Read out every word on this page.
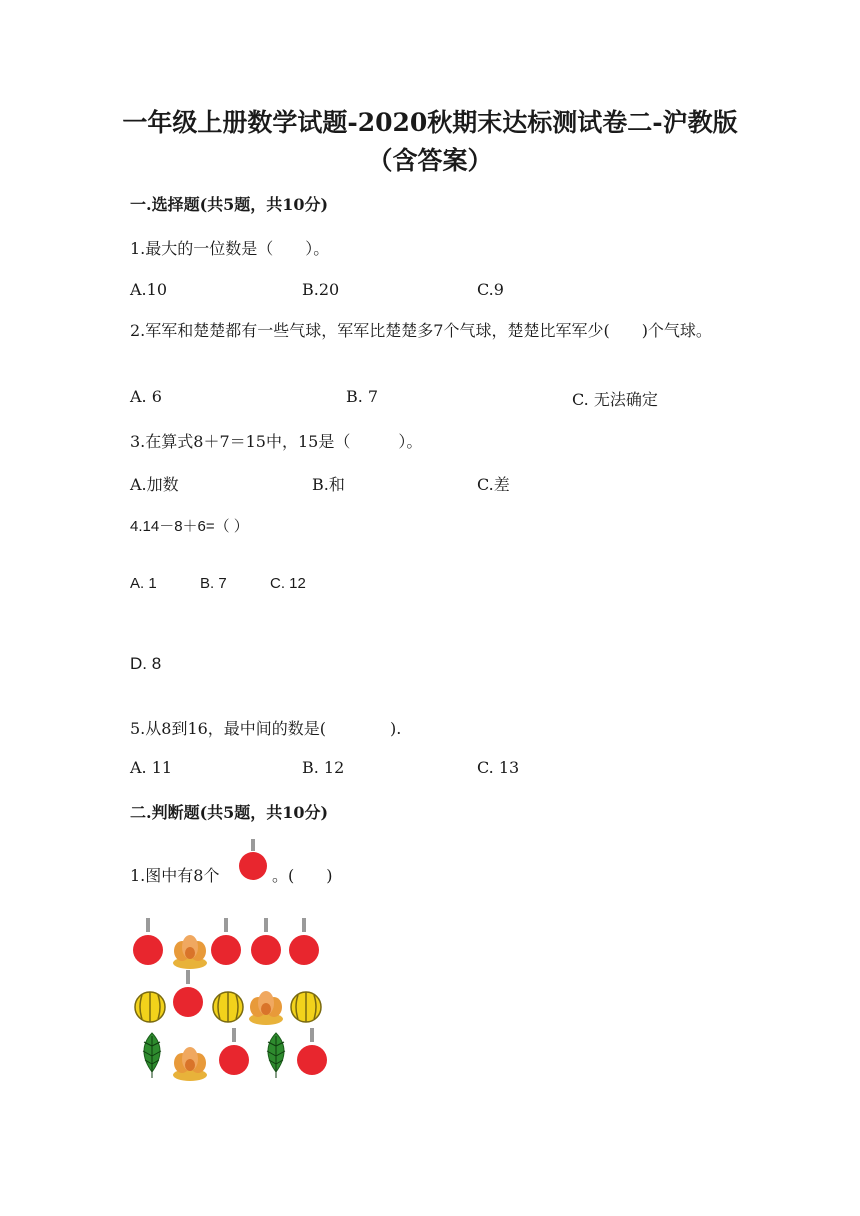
一年级上册数学试题-2020秋期末达标测试卷二-沪教版（含答案）
一.选择题(共5题，共10分)
1.最大的一位数是（　　）。
A.10	B.20	C.9
2.军军和楚楚都有一些气球，军军比楚楚多7个气球，楚楚比军军少(　　)个气球。
A. 6	B. 7	C. 无法确定
3.在算式8＋7＝15中，15是（　　　）。
A.加数	B.和	C.差
4.14－8＋6=（ ）
A. 1	B. 7	C. 12
D. 8
5.从8到16，最中间的数是(　　　　).
A. 11	B. 12	C. 13
二.判断题(共5题，共10分)
1.图中有8个	。(　　)
